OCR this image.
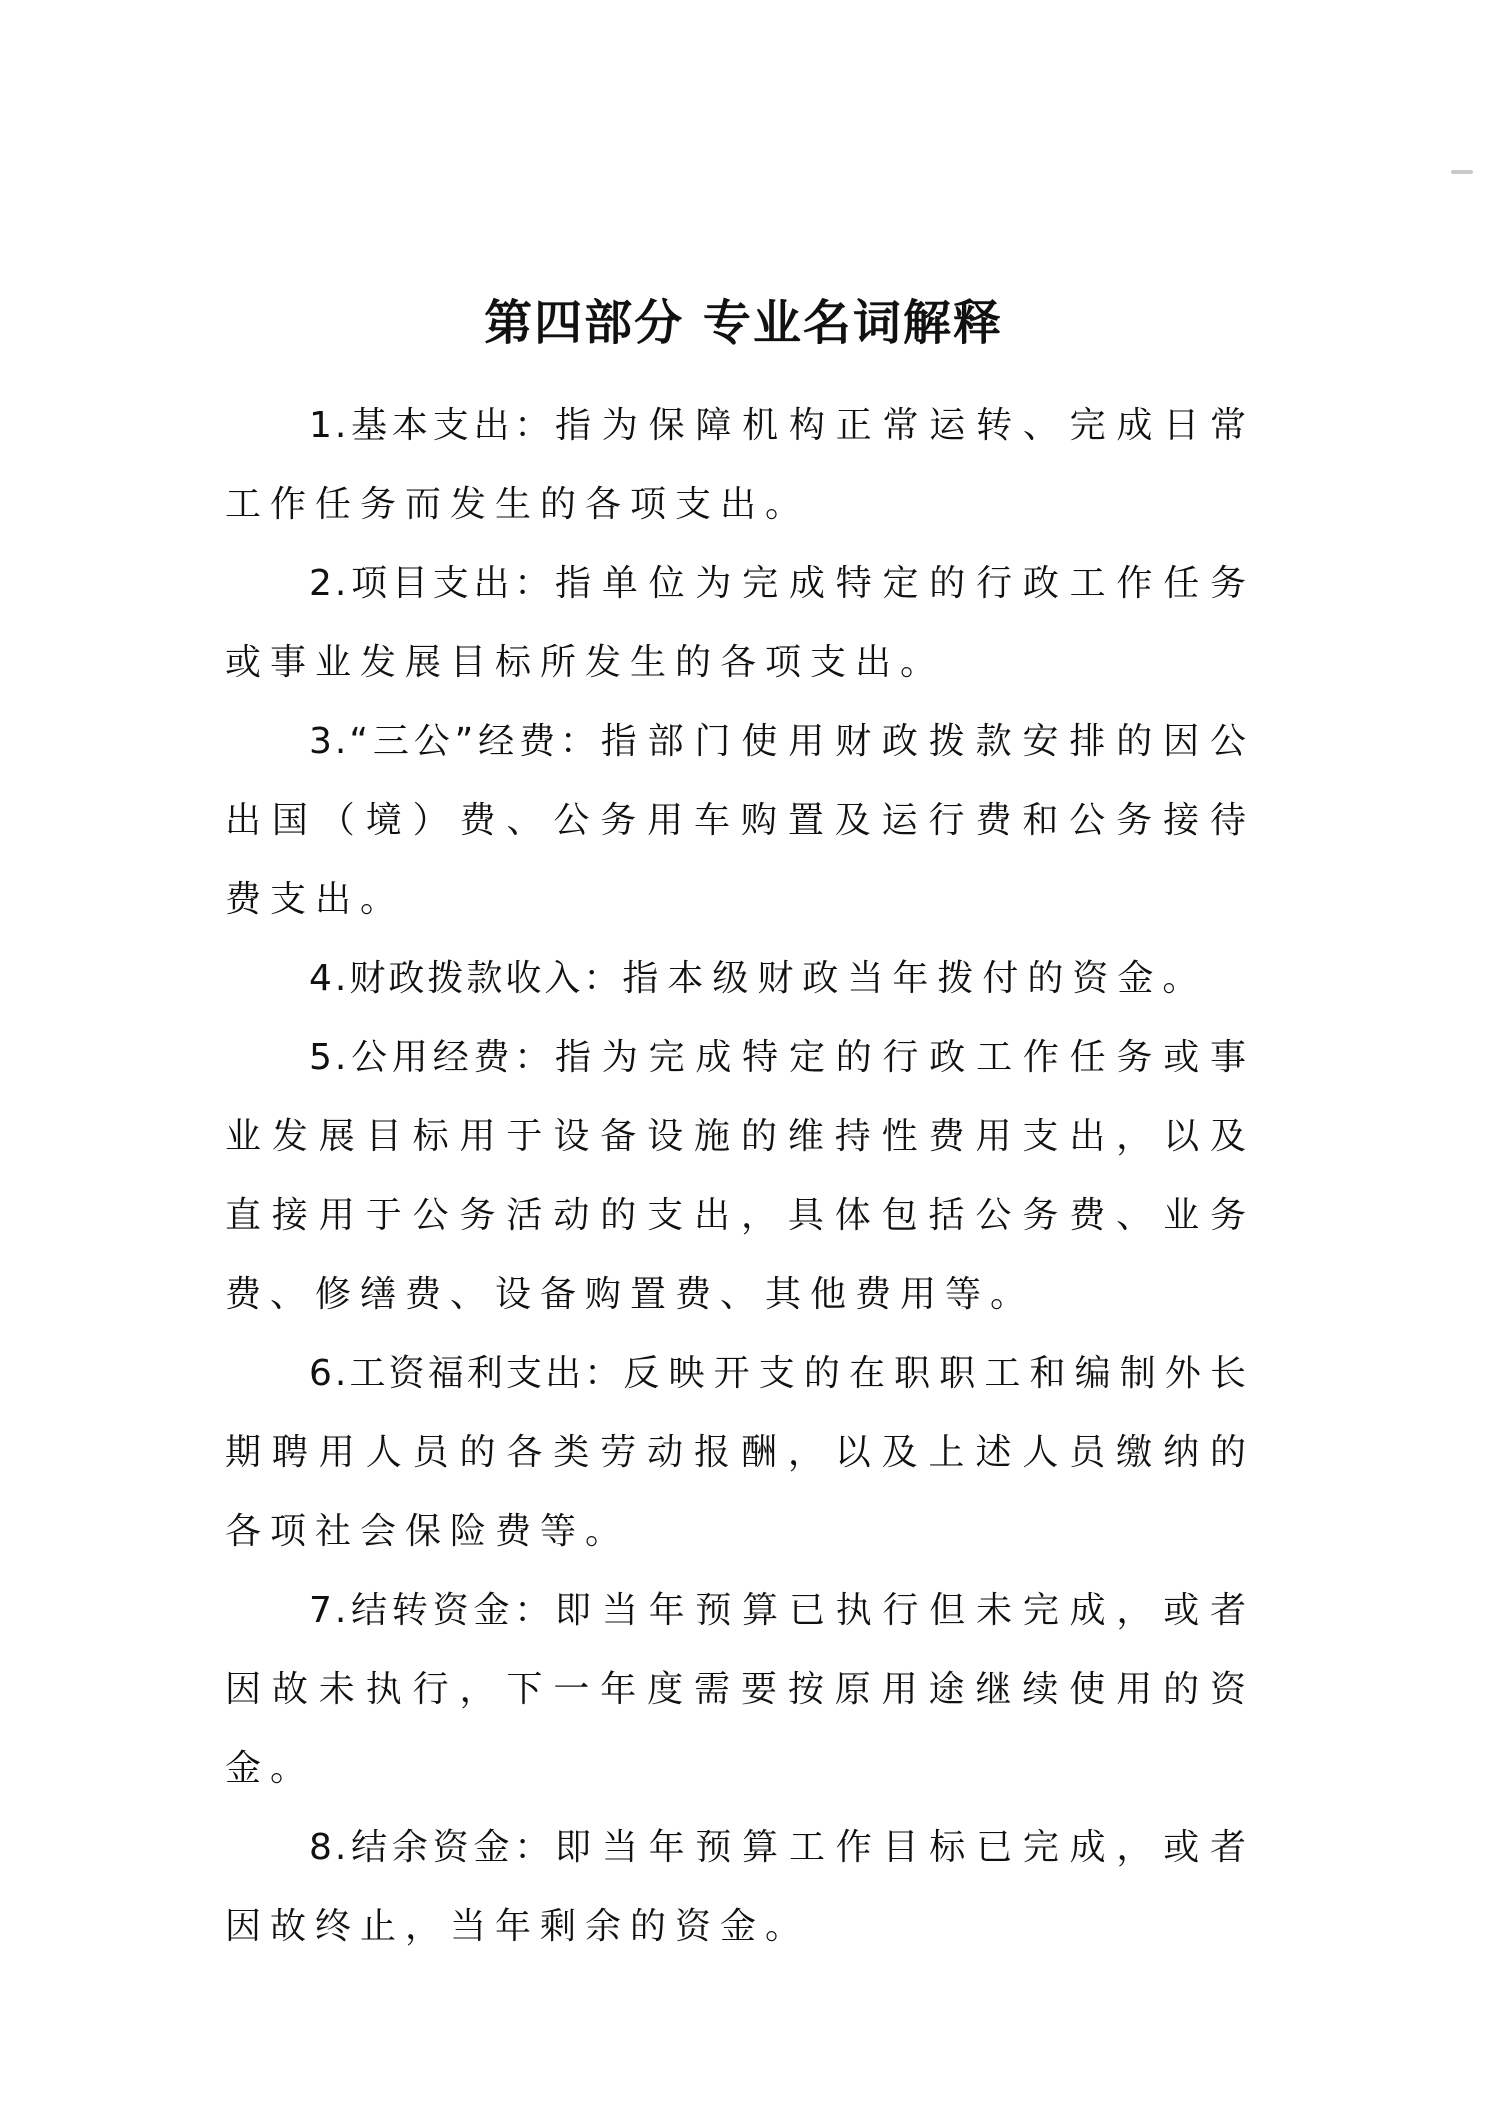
第四部分 专业名词解释

1.基本支出：指为保障机构正常运转、完成日常工作任务而发生的各项支出。

2.项目支出：指单位为完成特定的行政工作任务或事业发展目标所发生的各项支出。

3.“三公”经费：指部门使用财政拨款安排的因公出国（境）费、公务用车购置及运行费和公务接待费支出。

4.财政拨款收入：指本级财政当年拨付的资金。

5.公用经费：指为完成特定的行政工作任务或事业发展目标用于设备设施的维持性费用支出，以及直接用于公务活动的支出，具体包括公务费、业务费、修缮费、设备购置费、其他费用等。

6.工资福利支出：反映开支的在职职工和编制外长期聘用人员的各类劳动报酬，以及上述人员缴纳的各项社会保险费等。

7.结转资金：即当年预算已执行但未完成，或者因故未执行，下一年度需要按原用途继续使用的资金。

8.结余资金：即当年预算工作目标已完成，或者因故终止，当年剩余的资金。
